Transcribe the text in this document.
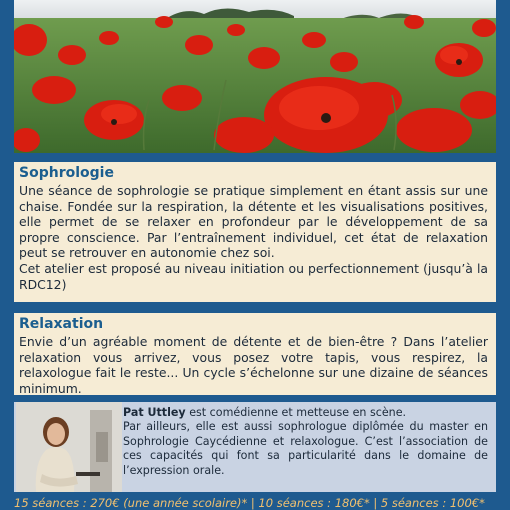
Sophrologie

Une séance de sophrologie se pratique simplement en étant assis sur une chaise. Fondée sur la respiration, la détente et les visualisations positives, elle permet de se relaxer en profondeur par le développement de sa propre conscience. Par l’entraînement individuel, cet état de relaxation peut se retrouver en autonomie chez soi.

Cet atelier est proposé au niveau initiation ou perfectionnement (jusqu’à la RDC12)

Relaxation

Envie d’un agréable moment de détente et de bien-être ? Dans l’atelier relaxation vous arrivez, vous posez votre tapis, vous respirez, la relaxologue fait le reste... Un cycle s’échelonne sur une dizaine de séances minimum.

Pat Uttley est comédienne et metteuse en scène.
Par ailleurs, elle est aussi sophrologue diplômée du master en Sophrologie Caycédienne et relaxologue. C’est l’association de ces capacités qui font sa particularité dans le domaine de l’expression orale.
15 séances : 270€ (une année scolaire)* | 10 séances : 180€* | 5 séances : 100€*
